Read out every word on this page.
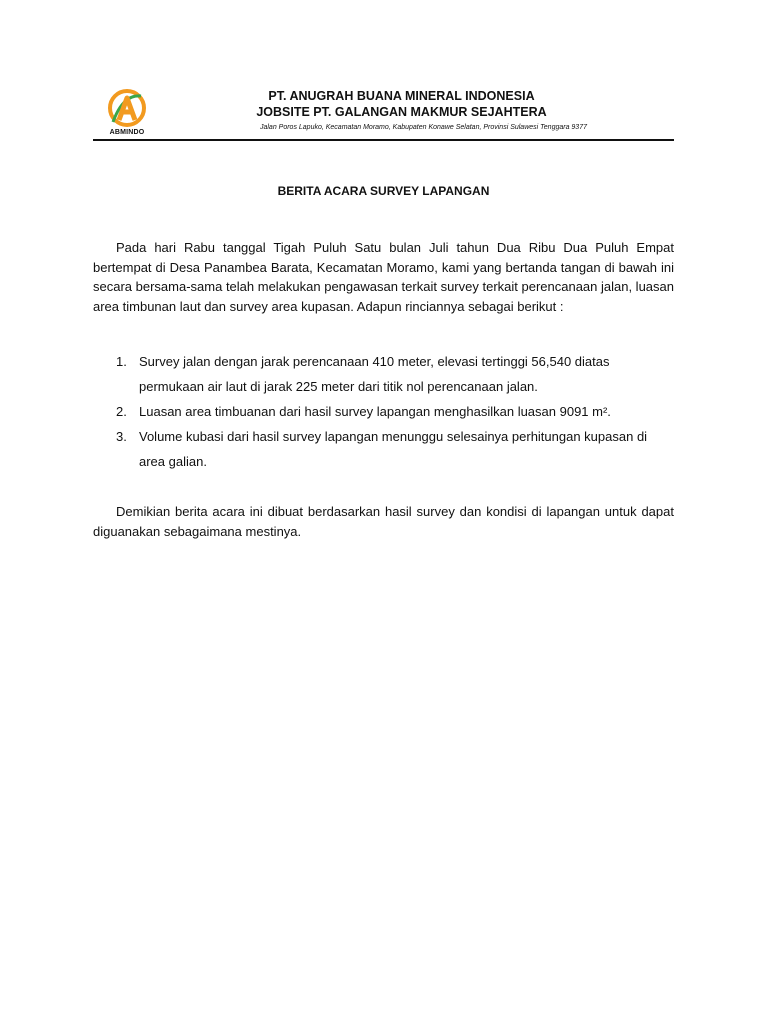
ABMINDO
PT. ANUGRAH BUANA MINERAL INDONESIA
JOBSITE PT. GALANGAN MAKMUR SEJAHTERA
Jalan Poros Lapuko, Kecamatan Moramo, Kabupaten Konawe Selatan, Provinsi Sulawesi Tenggara 9377
BERITA ACARA SURVEY LAPANGAN
Pada hari Rabu tanggal Tigah Puluh Satu bulan Juli tahun Dua Ribu Dua Puluh Empat bertempat di Desa Panambea Barata, Kecamatan Moramo, kami yang bertanda tangan di bawah ini secara bersama-sama telah melakukan pengawasan terkait survey terkait perencanaan jalan, luasan area timbunan laut dan survey area kupasan. Adapun rinciannya sebagai berikut :
1. Survey jalan dengan jarak perencanaan 410 meter, elevasi tertinggi 56,540 diatas permukaan air laut di jarak 225 meter dari titik nol perencanaan jalan.
2. Luasan area timbuanan dari hasil survey lapangan menghasilkan luasan 9091 m².
3. Volume kubasi dari hasil survey lapangan menunggu selesainya perhitungan kupasan di area galian.
Demikian berita acara ini dibuat berdasarkan hasil survey dan kondisi di lapangan untuk dapat diguanakan sebagaimana mestinya.
